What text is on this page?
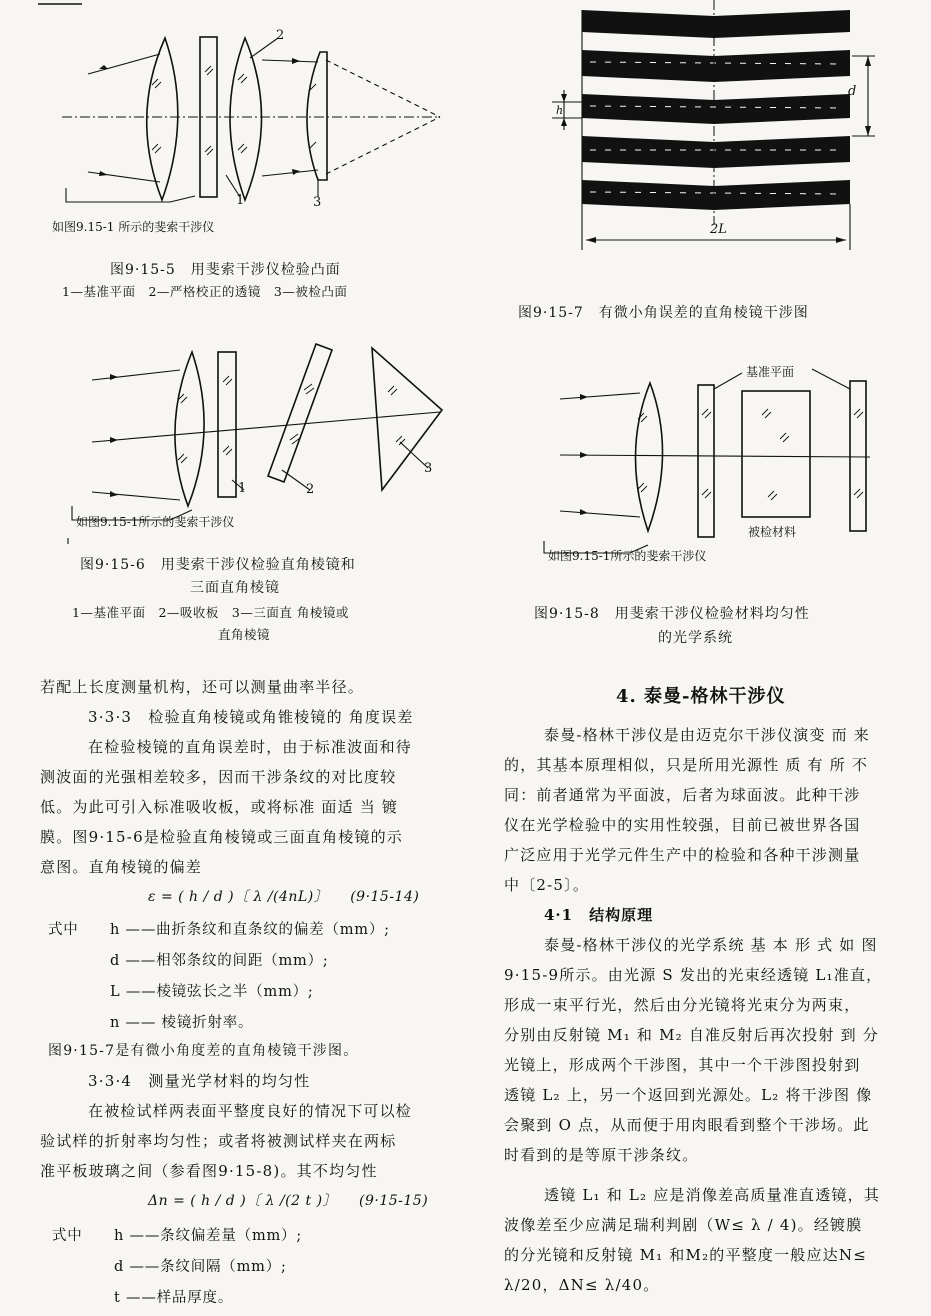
2
1	3
如图9.15-1 所示的斐索干涉仪
图9·15-5　用斐索干涉仪检验凸面
1—基准平面　2—严格校正的透镜　3—被检凸面
1	2
3
如图9.15-1所示的斐索干涉仪
图9·15-6　用斐索干涉仪检验直角棱镜和
三面直角棱镜
1—基准平面　2—吸收板　3—三面直 角棱镜或
直角棱镜
d
h
2L
图9·15-7　有微小角误差的直角棱镜干涉图
基准平面
被检材料
如图9.15-1所示的斐索干涉仪
图9·15-8　用斐索干涉仪检验材料均匀性
的光学系统
若配上长度测量机构，还可以测量曲率半径。
3·3·3　检验直角棱镜或角锥棱镜的 角度误差
在检验棱镜的直角误差时，由于标准波面和待
测波面的光强相差较多，因而干涉条纹的对比度较
低。为此可引入标准吸收板，或将标准 面适 当 镀
膜。图9·15-6是检验直角棱镜或三面直角棱镜的示
意图。直角棱镜的偏差
ε = ( h / d )〔 λ /(4nL)〕　　(9·15-14)
式中 h ——曲折条纹和直条纹的偏差（mm）;
d ——相邻条纹的间距（mm）;
L ——棱镜弦长之半（mm）;
n —— 棱镜折射率。
图9·15-7是有微小角度差的直角棱镜干涉图。
3·3·4　测量光学材料的均匀性
在被检试样两表面平整度良好的情况下可以检
验试样的折射率均匀性；或者将被测试样夹在两标
准平板玻璃之间（参看图9·15-8)。其不均匀性
Δn = ( h / d )〔 λ /(2 t )〕　　(9·15-15)
式中 h ——条纹偏差量（mm）;
d ——条纹间隔（mm）;
t ——样品厚度。
4. 泰曼-格林干涉仪
泰曼-格林干涉仪是由迈克尔干涉仪演变 而 来
的，其基本原理相似，只是所用光源性 质 有 所 不
同：前者通常为平面波，后者为球面波。此种干涉
仪在光学检验中的实用性较强，目前已被世界各国
广泛应用于光学元件生产中的检验和各种干涉测量
中〔2-5〕。
4·1　结构原理
泰曼-格林干涉仪的光学系统 基 本 形 式 如 图
9·15-9所示。由光源 S 发出的光束经透镜 L₁准直，
形成一束平行光，然后由分光镜将光束分为两束，
分别由反射镜 M₁ 和 M₂ 自准反射后再次投射 到 分
光镜上，形成两个干涉图，其中一个干涉图投射到
透镜 L₂ 上，另一个返回到光源处。L₂ 将干涉图 像
会聚到 O 点，从而便于用肉眼看到整个干涉场。此
时看到的是等原干涉条纹。
透镜 L₁ 和 L₂ 应是消像差高质量准直透镜，其
波像差至少应满足瑞利判剧（W≤ λ / 4)。经镀膜
的分光镜和反射镜 M₁ 和M₂的平整度一般应达N≤
λ/20，ΔN≤ λ/40。
